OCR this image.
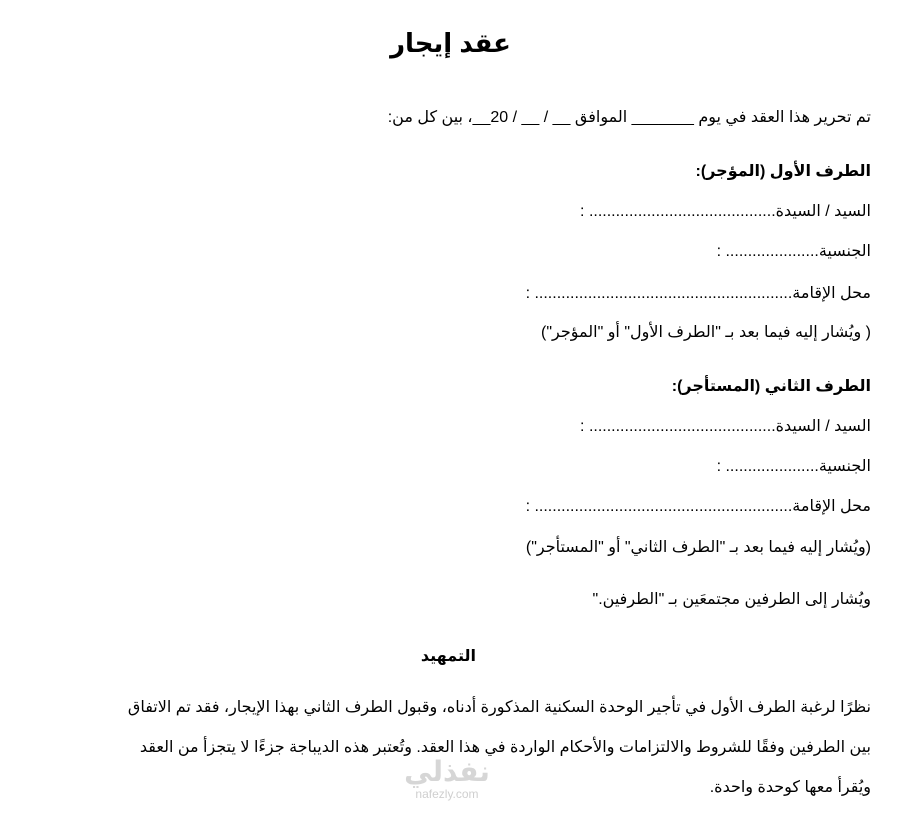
عقد إيجار
تم تحرير هذا العقد في يوم _______ الموافق __ / __ / 20__، بين كل من:
الطرف الأول (المؤجر):
السيد / السيدة.......................................... :
الجنسية..................... :
محل الإقامة.......................................................... :
( ويُشار إليه فيما بعد بـ "الطرف الأول" أو "المؤجر")
الطرف الثاني (المستأجر):
السيد / السيدة.......................................... :
الجنسية..................... :
محل الإقامة.......................................................... :
(ويُشار إليه فيما بعد بـ "الطرف الثاني" أو "المستأجر")
ويُشار إلى الطرفين مجتمعَين بـ "الطرفين."
التمهيد
نظرًا لرغبة الطرف الأول في تأجير الوحدة السكنية المذكورة أدناه، وقبول الطرف الثاني بهذا الإيجار، فقد تم الاتفاق
بين الطرفين وفقًا للشروط والالتزامات والأحكام الواردة في هذا العقد. وتُعتبر هذه الديباجة جزءًا لا يتجزأ من العقد
ويُقرأ معها كوحدة واحدة.
نفذلي
nafezly.com
